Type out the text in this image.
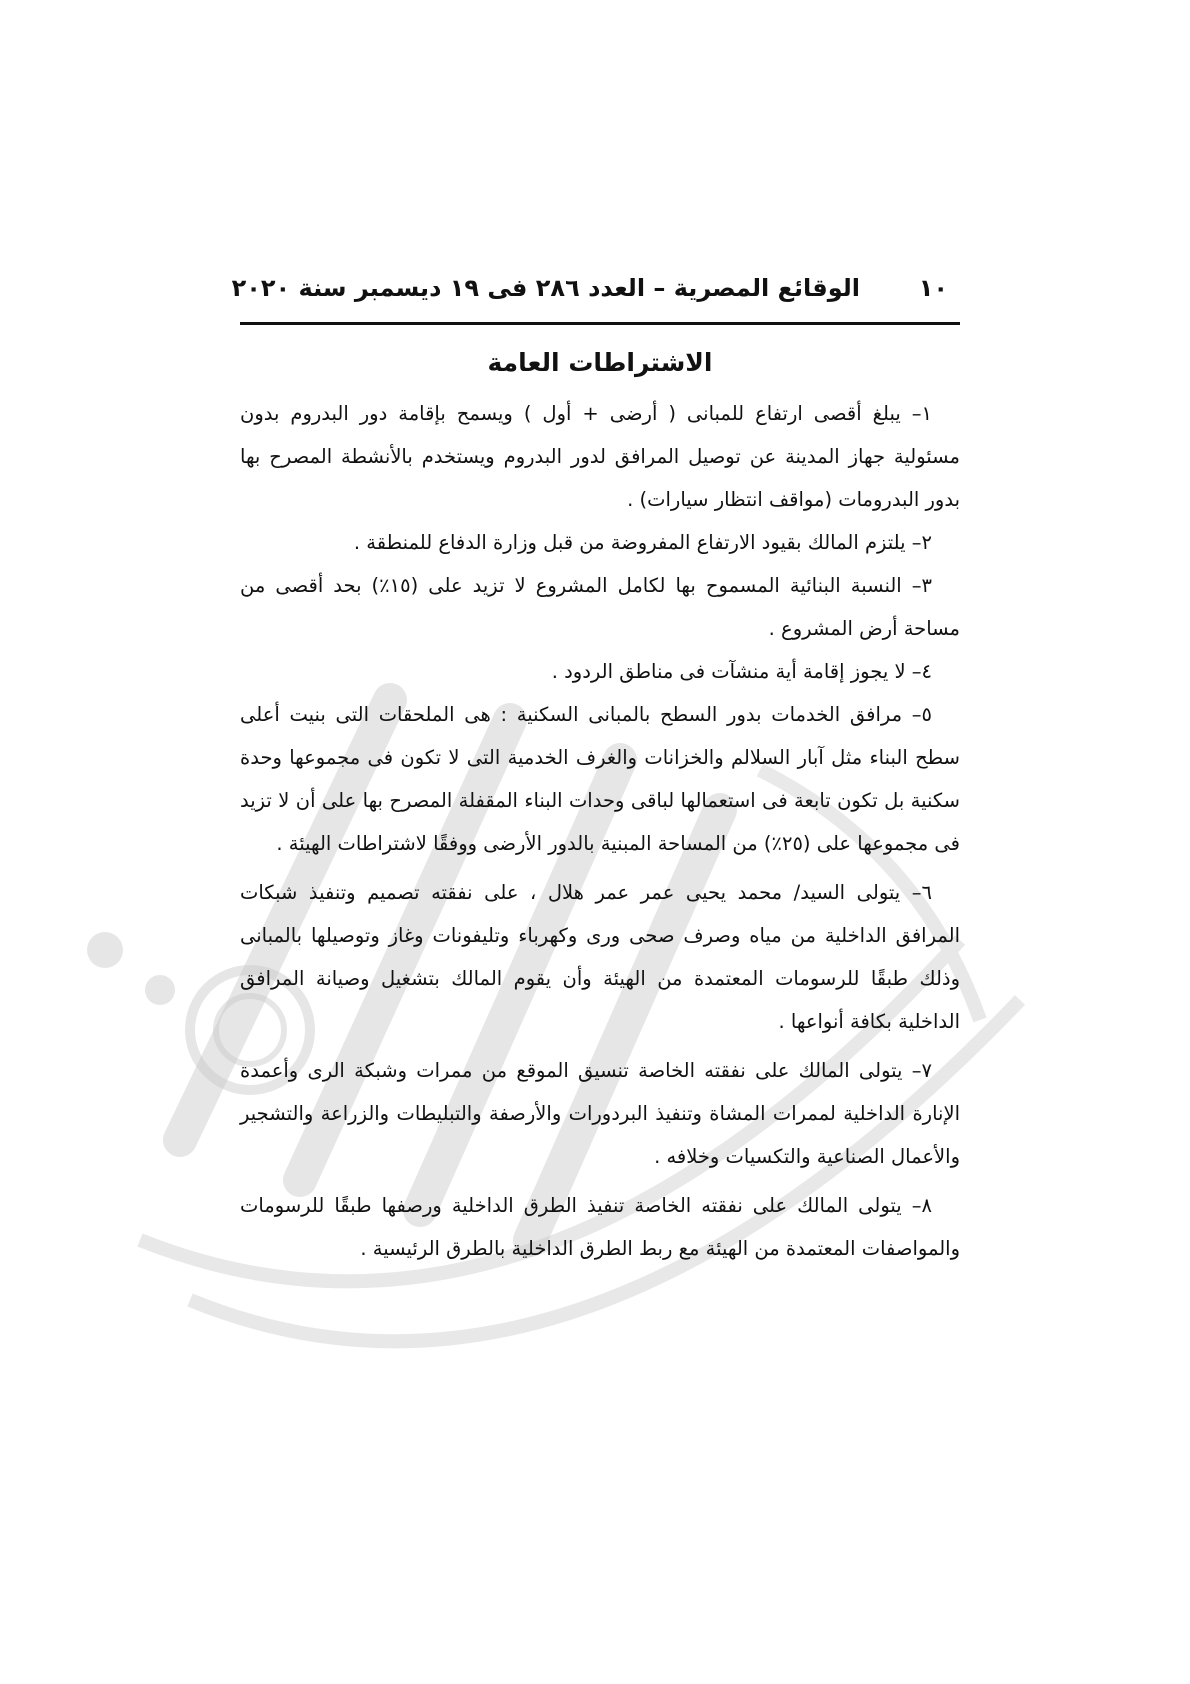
١٠
الوقائع المصرية – العدد ٢٨٦ فى ١٩ ديسمبر سنة ٢٠٢٠
الاشتراطات العامة

١– يبلغ أقصى ارتفاع للمبانى ( أرضى + أول ) ويسمح بإقامة دور البدروم بدون مسئولية جهاز المدينة عن توصيل المرافق لدور البدروم ويستخدم بالأنشطة المصرح بها بدور البدرومات (مواقف انتظار سيارات) .

٢– يلتزم المالك بقيود الارتفاع المفروضة من قبل وزارة الدفاع للمنطقة .

٣– النسبة البنائية المسموح بها لكامل المشروع لا تزيد على (١٥٪) بحد أقصى من مساحة أرض المشروع .

٤– لا يجوز إقامة أية منشآت فى مناطق الردود .

٥– مرافق الخدمات بدور السطح بالمبانى السكنية : هى الملحقات التى بنيت أعلى سطح البناء مثل آبار السلالم والخزانات والغرف الخدمية التى لا تكون فى مجموعها وحدة سكنية بل تكون تابعة فى استعمالها لباقى وحدات البناء المقفلة المصرح بها على أن لا تزيد فى مجموعها على (٢٥٪) من المساحة المبنية بالدور الأرضى ووفقًا لاشتراطات الهيئة .

٦– يتولى السيد/ محمد يحيى عمر عمر هلال ، على نفقته تصميم وتنفيذ شبكات المرافق الداخلية من مياه وصرف صحى ورى وكهرباء وتليفونات وغاز وتوصيلها بالمبانى وذلك طبقًا للرسومات المعتمدة من الهيئة وأن يقوم المالك بتشغيل وصيانة المرافق الداخلية بكافة أنواعها .

٧– يتولى المالك على نفقته الخاصة تنسيق الموقع من ممرات وشبكة الرى وأعمدة الإنارة الداخلية لممرات المشاة وتنفيذ البردورات والأرصفة والتبليطات والزراعة والتشجير والأعمال الصناعية والتكسيات وخلافه .

٨– يتولى المالك على نفقته الخاصة تنفيذ الطرق الداخلية ورصفها طبقًا للرسومات والمواصفات المعتمدة من الهيئة مع ربط الطرق الداخلية بالطرق الرئيسية .
